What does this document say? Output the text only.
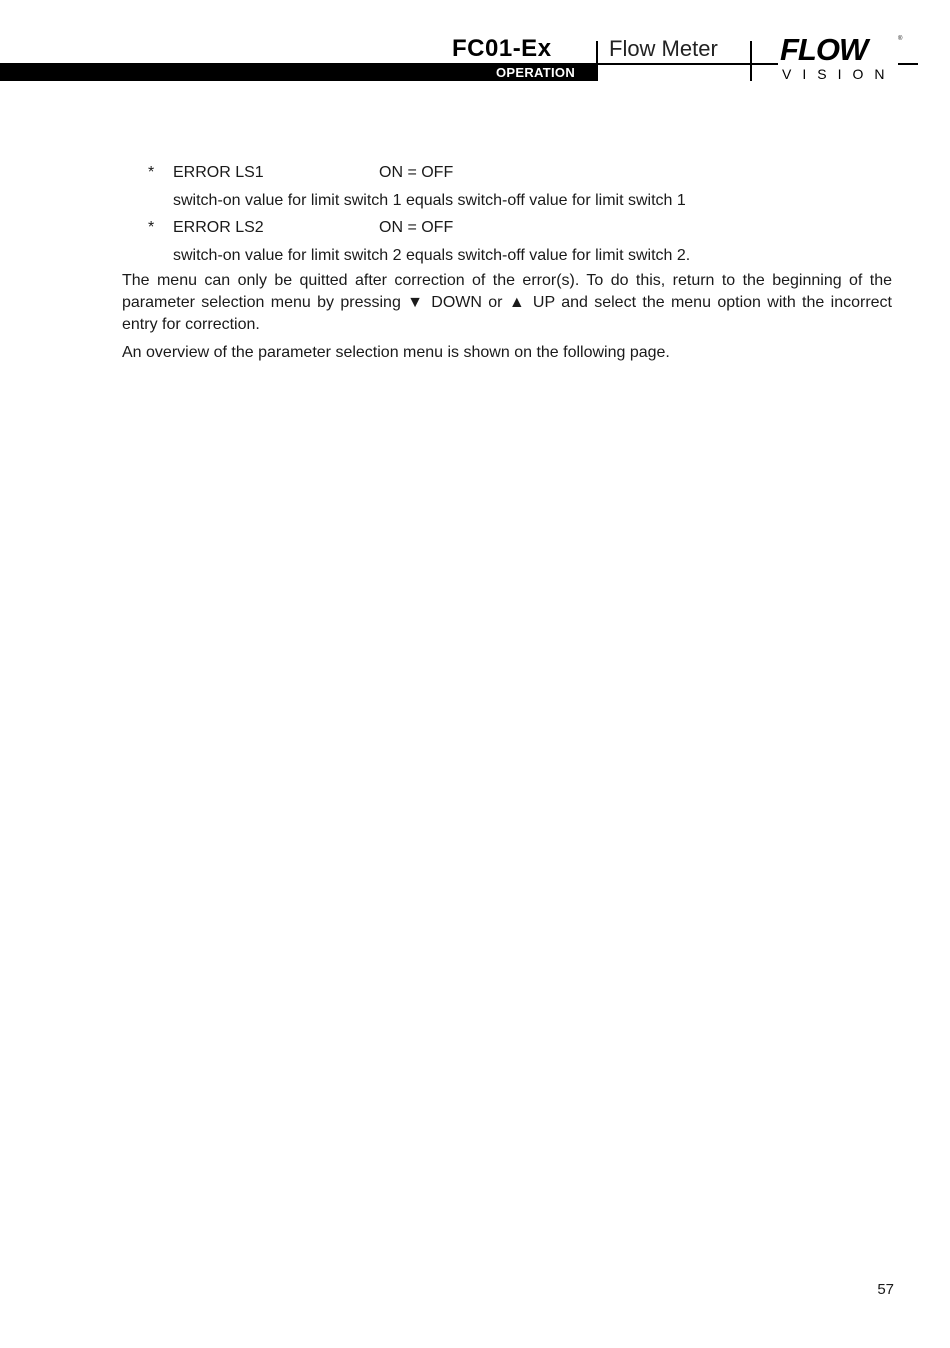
FC01-Ex	Flow Meter
OPERATION
FLOW	®
VISION
* ERROR LS1	ON = OFF
switch-on value for limit switch 1 equals switch-off value for limit switch 1
* ERROR LS2	ON = OFF
switch-on value for limit switch 2 equals switch-off value for limit switch 2.

The menu can only be quitted after correction of the error(s). To do this, return to the beginning of the parameter selection menu by pressing ▼ DOWN or ▲ UP and select the menu option with the incorrect entry for correction.

An overview of the parameter selection menu is shown on the following page.

57
